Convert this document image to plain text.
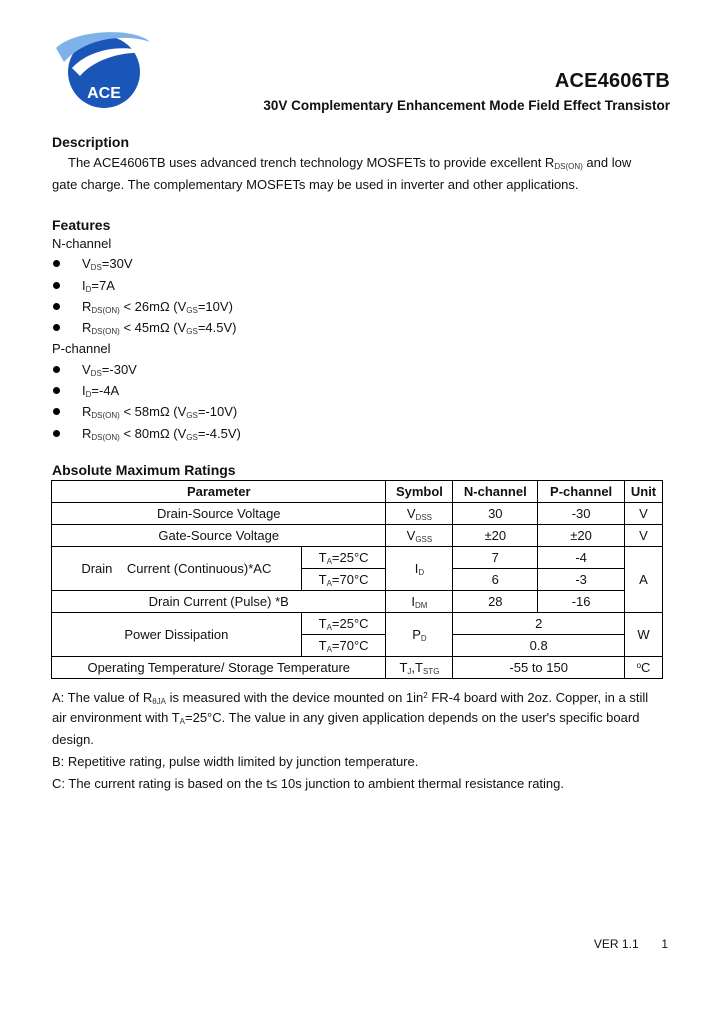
ACE
ACE4606TB
30V Complementary Enhancement Mode Field Effect Transistor
Description
The ACE4606TB uses advanced trench technology MOSFETs to provide excellent $R_{DS(ON)}$ and low
gate charge. The complementary MOSFETs may be used in inverter and other applications.
Features
N-channel
$V_{DS}=30V$
$I_D=7A$
$R_{DS(ON)} < 26m\Omega$ $(V_{GS}=10V)$
$R_{DS(ON)} < 45m\Omega$ $(V_{GS}=4.5V)$
P-channel
$V_{DS}=-30V$
$I_D=-4A$
$R_{DS(ON)} < 58m\Omega$ $(V_{GS}=-10V)$
$R_{DS(ON)} < 80m\Omega$ $(V_{GS}=-4.5V)$
Absolute Maximum Ratings
Parameter		Symbol	N-channel	P-channel	Unit
Drain-Source Voltage		$V_{DSS}$	30	-30	V
Gate-Source Voltage		$V_{GSS}$	±20	±20	V
Drain    Current (Continuous)*AC	$T_A=25^\circ C$	$I_D$	7	-4	A
	$T_A=70^\circ C$		6	-3	
Drain Current (Pulse) *B		$I_{DM}$	28	-16	
Power Dissipation	$T_A=25^\circ C$	$P_D$	2		W
	$T_A=70^\circ C$		0.8		
Operating Temperature/ Storage Temperature		$T_J,T_{STG}$	-55 to 150		$^o$C
A: The value of $R_{\theta JA}$ is measured with the device mounted on $1in^2$ FR-4 board with 2oz. Copper, in a still
air environment with $T_A=25^\circ C$. The value in any given application depends on the user's specific board
design.
B: Repetitive rating, pulse width limited by junction temperature.
C: The current rating is based on the t≤ 10s junction to ambient thermal resistance rating.
VER 1.1 1
